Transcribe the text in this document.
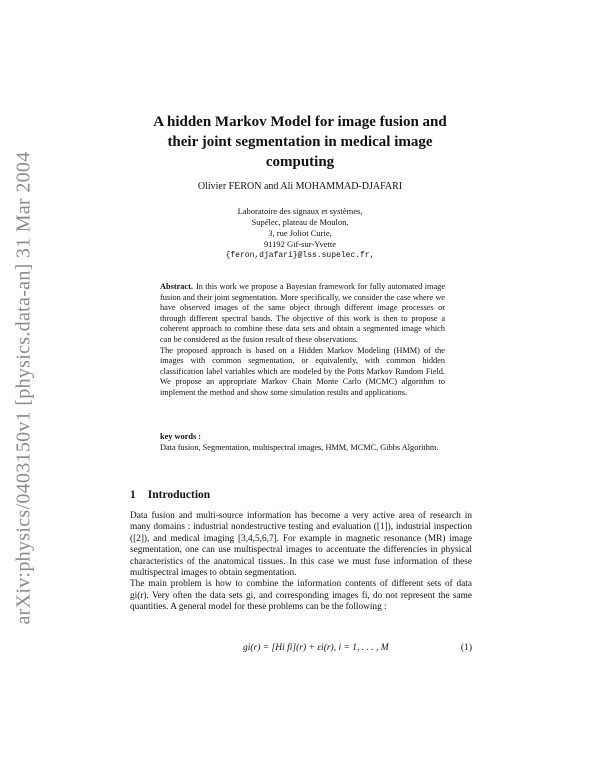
arXiv:physics/0403150v1 [physics.data-an] 31 Mar 2004
A hidden Markov Model for image fusion and
their joint segmentation in medical image
computing
Olivier FERON and Ali MOHAMMAD-DJAFARI
Laboratoire des signaux et systèmes,
Supélec, plateau de Moulon,
3, rue Joliot Curie,
91192 Gif-sur-Yvette
{feron,djafari}@lss.supelec.fr,

Abstract. In this work we propose a Bayesian framework for fully automated image fusion and their joint segmentation. More specifically, we consider the case where we have observed images of the same object through different image processes or through different spectral bands. The objective of this work is then to propose a coherent approach to combine these data sets and obtain a segmented image which can be considered as the fusion result of these observations.

The proposed approach is based on a Hidden Markov Modeling (HMM) of the images with common segmentation, or equivalently, with common hidden classification label variables which are modeled by the Potts Markov Random Field. We propose an appropriate Markov Chain Monte Carlo (MCMC) algorithm to implement the method and show some simulation results and applications.

key words :
Data fusion, Segmentation, multispectral images, HMM, MCMC, Gibbs Algorithm.
1 Introduction

Data fusion and multi-source information has become a very active area of research in many domains : industrial nondestructive testing and evaluation ([1]), industrial inspection ([2]), and medical imaging [3,4,5,6,7]. For example in magnetic resonance (MR) image segmentation, one can use multispectral images to accentuate the differencies in physical characteristics of the anatomical tissues. In this case we must fuse information of these multispectral images to obtain segmentation.

The main problem is how to combine the information contents of different sets of data gi(r). Very often the data sets gi, and corresponding images fi, do not represent the same quantities. A general model for these problems can be the following :

gi(r) = [Hi fi](r) + εi(r), i = 1, . . . , M	(1)
